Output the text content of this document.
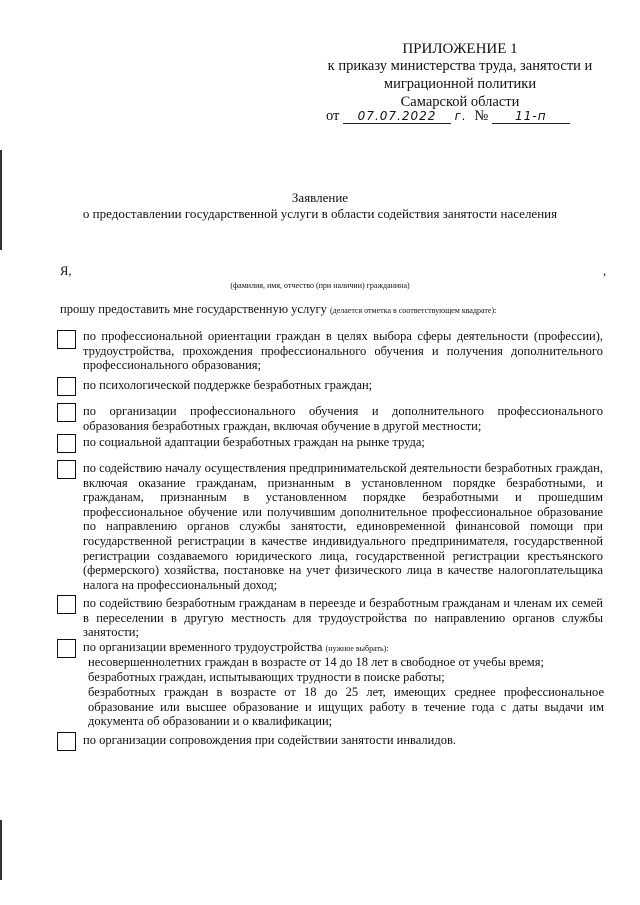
ПРИЛОЖЕНИЕ 1
к приказу министерства труда, занятости и
миграционной политики
Самарской области
от 07.07.2022 г. № 11-п
Заявление
о предоставлении государственной услуги в области содействия занятости населения
Я,	,
(фамилия, имя, отчество (при наличии) гражданина)
прошу предоставить мне государственную услугу (делается отметка в соответствующем квадрате):
по профессиональной ориентации граждан в целях выбора сферы деятельности (профессии), трудоустройства, прохождения профессионального обучения и получения дополнительного профессионального образования;
по психологической поддержке безработных граждан;
по организации профессионального обучения и дополнительного профессионального образования безработных граждан, включая обучение в другой местности;
по социальной адаптации безработных граждан на рынке труда;
по содействию началу осуществления предпринимательской деятельности безработных граждан, включая оказание гражданам, признанным в установленном порядке безработными, и гражданам, признанным в установленном порядке безработными и прошедшим профессиональное обучение или получившим дополнительное профессиональное образование по направлению органов службы занятости, единовременной финансовой помощи при государственной регистрации в качестве индивидуального предпринимателя, государственной регистрации создаваемого юридического лица, государственной регистрации крестьянского (фермерского) хозяйства, постановке на учет физического лица в качестве налогоплательщика налога на профессиональный доход;
по содействию безработным гражданам в переезде и безработным гражданам и членам их семей в переселении в другую местность для трудоустройства по направлению органов службы занятости;
по организации временного трудоустройства (нужное выбрать):
несовершеннолетних граждан в возрасте от 14 до 18 лет в свободное от учебы время;
безработных граждан, испытывающих трудности в поиске работы;
безработных граждан в возрасте от 18 до 25 лет, имеющих среднее профессиональное образование или высшее образование и ищущих работу в течение года с даты выдачи им документа об образовании и о квалификации;
по организации сопровождения при содействии занятости инвалидов.
